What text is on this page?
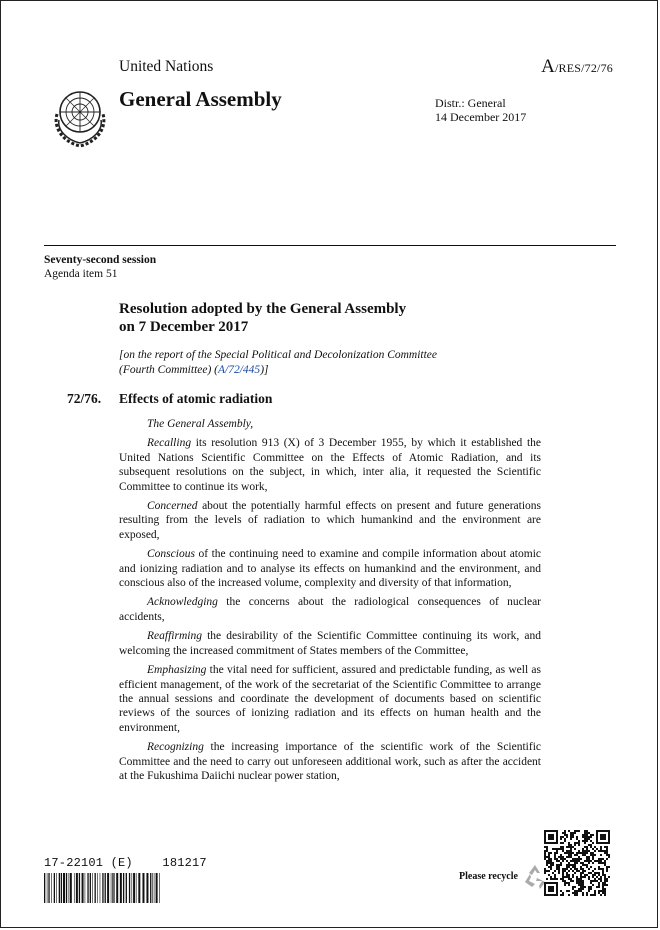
United Nations	A/RES/72/76
General Assembly	Distr.: General
14 December 2017
Seventy-second session
Agenda item 51
Resolution adopted by the General Assembly
on 7 December 2017
[on the report of the Special Political and Decolonization Committee
(Fourth Committee) (A/72/445)]
72/76. Effects of atomic radiation

The General Assembly,

Recalling its resolution 913 (X) of 3 December 1955, by which it established the United Nations Scientific Committee on the Effects of Atomic Radiation, and its subsequent resolutions on the subject, in which, inter alia, it requested the Scientific Committee to continue its work,

Concerned about the potentially harmful effects on present and future generations resulting from the levels of radiation to which humankind and the environment are exposed,

Conscious of the continuing need to examine and compile information about atomic and ionizing radiation and to analyse its effects on humankind and the environment, and conscious also of the increased volume, complexity and diversity of that information,

Acknowledging the concerns about the radiological consequences of nuclear accidents,

Reaffirming the desirability of the Scientific Committee continuing its work, and welcoming the increased commitment of States members of the Committee,

Emphasizing the vital need for sufficient, assured and predictable funding, as well as efficient management, of the work of the secretariat of the Scientific Committee to arrange the annual sessions and coordinate the development of documents based on scientific reviews of the sources of ionizing radiation and its effects on human health and the environment,

Recognizing the increasing importance of the scientific work of the Scientific Committee and the need to carry out unforeseen additional work, such as after the accident at the Fukushima Daiichi nuclear power station,

17-22101 (E)    181217
Please recycle
